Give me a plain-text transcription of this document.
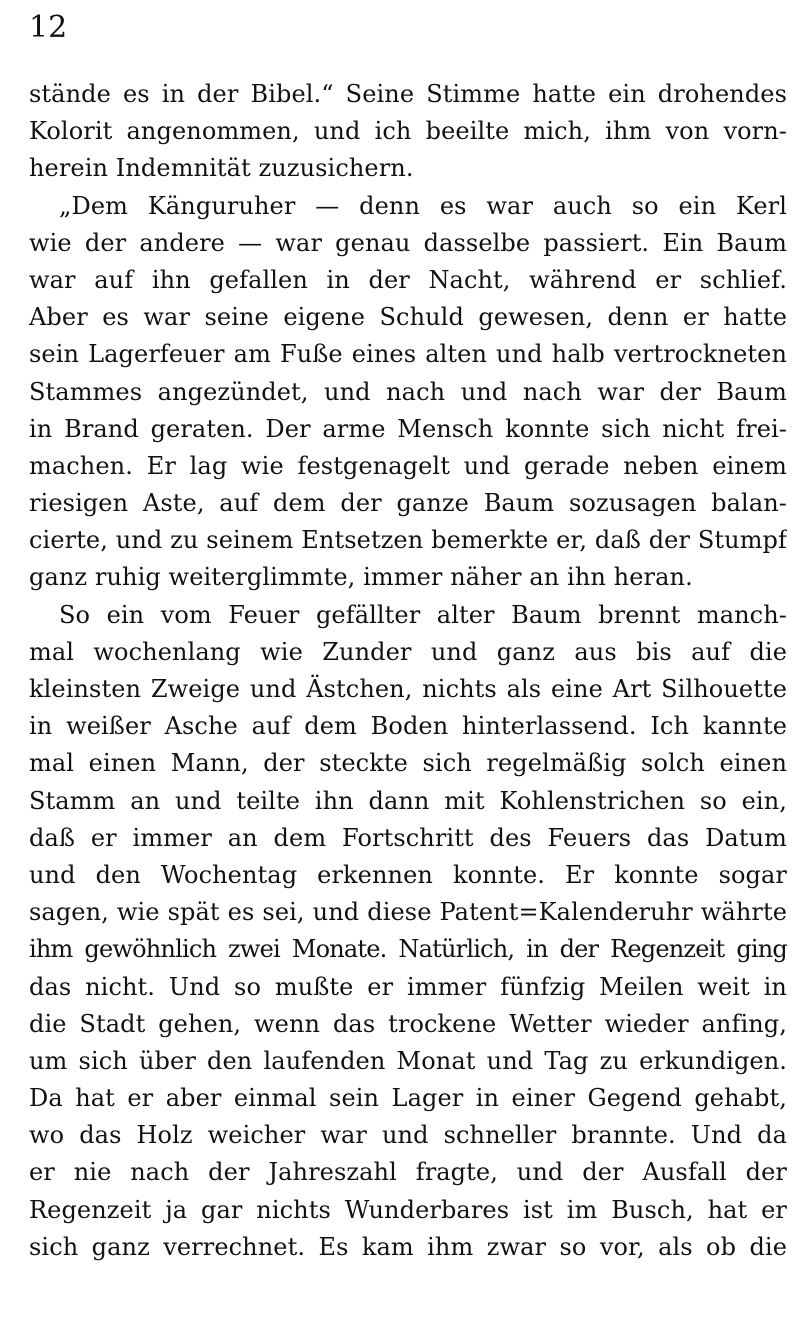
12
stände es in der Bibel.“ Seine Stimme hatte ein drohendes
Kolorit angenommen, und ich beeilte mich, ihm von vorn-
herein Indemnität zuzusichern.
„Dem Känguruher — denn es war auch so ein Kerl
wie der andere — war genau dasselbe passiert. Ein Baum
war auf ihn gefallen in der Nacht, während er schlief.
Aber es war seine eigene Schuld gewesen, denn er hatte
sein Lagerfeuer am Fuße eines alten und halb vertrockneten
Stammes angezündet, und nach und nach war der Baum
in Brand geraten. Der arme Mensch konnte sich nicht frei-
machen. Er lag wie festgenagelt und gerade neben einem
riesigen Aste, auf dem der ganze Baum sozusagen balan-
cierte, und zu seinem Entsetzen bemerkte er, daß der Stumpf
ganz ruhig weiterglimmte, immer näher an ihn heran.
So ein vom Feuer gefällter alter Baum brennt manch-
mal wochenlang wie Zunder und ganz aus bis auf die
kleinsten Zweige und Ästchen, nichts als eine Art Silhouette
in weißer Asche auf dem Boden hinterlassend. Ich kannte
mal einen Mann, der steckte sich regelmäßig solch einen
Stamm an und teilte ihn dann mit Kohlenstrichen so ein,
daß er immer an dem Fortschritt des Feuers das Datum
und den Wochentag erkennen konnte. Er konnte sogar
sagen, wie spät es sei, und diese Patent=Kalenderuhr währte
ihm gewöhnlich zwei Monate. Natürlich, in der Regenzeit ging
das nicht. Und so mußte er immer fünfzig Meilen weit in
die Stadt gehen, wenn das trockene Wetter wieder anfing,
um sich über den laufenden Monat und Tag zu erkundigen.
Da hat er aber einmal sein Lager in einer Gegend gehabt,
wo das Holz weicher war und schneller brannte. Und da
er nie nach der Jahreszahl fragte, und der Ausfall der
Regenzeit ja gar nichts Wunderbares ist im Busch, hat er
sich ganz verrechnet. Es kam ihm zwar so vor, als ob die
